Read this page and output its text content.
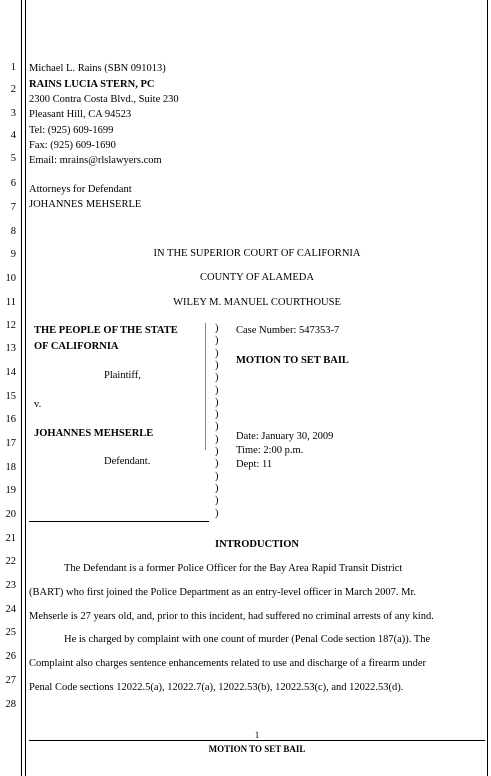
1
2
3
4
5
6
7
8
9
10
11
12
13
14
15
16
17
18
19
20
21
22
23
24
25
26
27
28
Michael L. Rains (SBN 091013)
RAINS LUCIA STERN, PC
2300 Contra Costa Blvd., Suite 230
Pleasant Hill, CA 94523
Tel: (925) 609-1699
Fax: (925) 609-1690
Email: mrains@rlslawyers.com
Attorneys for Defendant
JOHANNES MEHSERLE
IN THE SUPERIOR COURT OF CALIFORNIA
COUNTY OF ALAMEDA
WILEY M. MANUEL COURTHOUSE
THE PEOPLE OF THE STATE
OF CALIFORNIA
Plaintiff,
v.
JOHANNES MEHSERLE
Defendant.
)
)
)
)
)
)
)
)
)
)
)
)
)
)
)
)
Case Number: 547353-7
MOTION TO SET BAIL
Date: January 30, 2009
Time: 2:00 p.m.
Dept: 11
INTRODUCTION
The Defendant is a former Police Officer for the Bay Area Rapid Transit District
(BART) who first joined the Police Department as an entry-level officer in March 2007. Mr.
Mehserle is 27 years old, and, prior to this incident, had suffered no criminal arrests of any kind.
He is charged by complaint with one count of murder (Penal Code section 187(a)). The
Complaint also charges sentence enhancements related to use and discharge of a firearm under
Penal Code sections 12022.5(a), 12022.7(a), 12022.53(b), 12022.53(c), and 12022.53(d).
1
MOTION TO SET BAIL
